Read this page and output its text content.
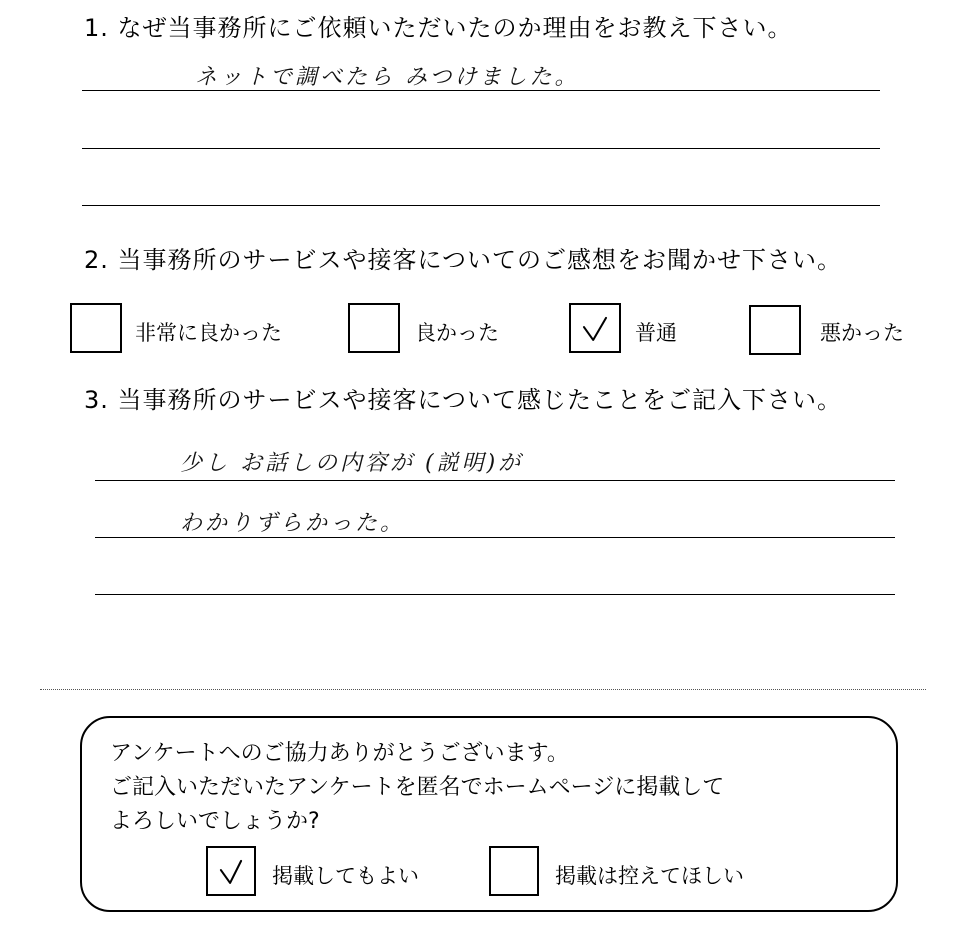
1. なぜ当事務所にご依頼いただいたのか理由をお教え下さい。
ネットで調べたら みつけました。
2. 当事務所のサービスや接客についてのご感想をお聞かせ下さい。
非常に良かった	良かった	普通	悪かった
3. 当事務所のサービスや接客について感じたことをご記入下さい。
少し お話しの内容が (説明)が
わかりずらかった。
アンケートへのご協力ありがとうございます。
ご記入いただいたアンケートを匿名でホームページに掲載して
よろしいでしょうか?
掲載してもよい	掲載は控えてほしい
